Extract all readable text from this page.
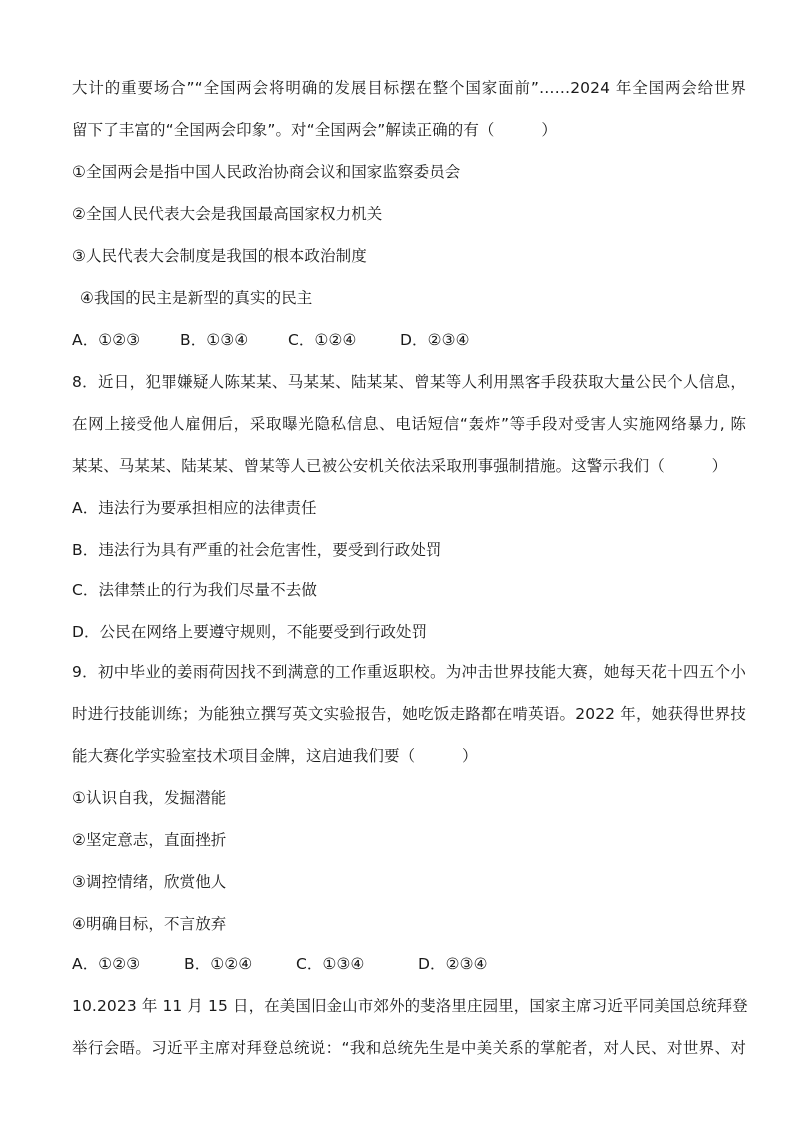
大计的重要场合”“全国两会将明确的发展目标摆在整个国家面前”……2024 年全国两会给世界
留下了丰富的“全国两会印象”。对“全国两会”解读正确的有（　　　）
①全国两会是指中国人民政治协商会议和国家监察委员会
②全国人民代表大会是我国最高国家权力机关
③人民代表大会制度是我国的根本政治制度
④我国的民主是新型的真实的民主
A．①②③	B．①③④	C．①②④	D．②③④
8．近日，犯罪嫌疑人陈某某、马某某、陆某某、曾某等人利用黑客手段获取大量公民个人信息，
在网上接受他人雇佣后，采取曝光隐私信息、电话短信“轰炸”等手段对受害人实施网络暴力, 陈
某某、马某某、陆某某、曾某等人已被公安机关依法采取刑事强制措施。这警示我们（　　　）
A．违法行为要承担相应的法律责任
B．违法行为具有严重的社会危害性，要受到行政处罚
C．法律禁止的行为我们尽量不去做
D．公民在网络上要遵守规则，不能要受到行政处罚
9．初中毕业的姜雨荷因找不到满意的工作重返职校。为冲击世界技能大赛，她每天花十四五个小
时进行技能训练；为能独立撰写英文实验报告，她吃饭走路都在啃英语。2022 年，她获得世界技
能大赛化学实验室技术项目金牌，这启迪我们要（　　　）
①认识自我，发掘潜能
②坚定意志，直面挫折
③调控情绪，欣赏他人
④明确目标，不言放弃
A．①②③	B．①②④	C．①③④	D．②③④
10.2023 年 11 月 15 日，在美国旧金山市郊外的斐洛里庄园里，国家主席习近平同美国总统拜登
举行会晤。习近平主席对拜登总统说：“我和总统先生是中美关系的掌舵者，对人民、对世界、对
